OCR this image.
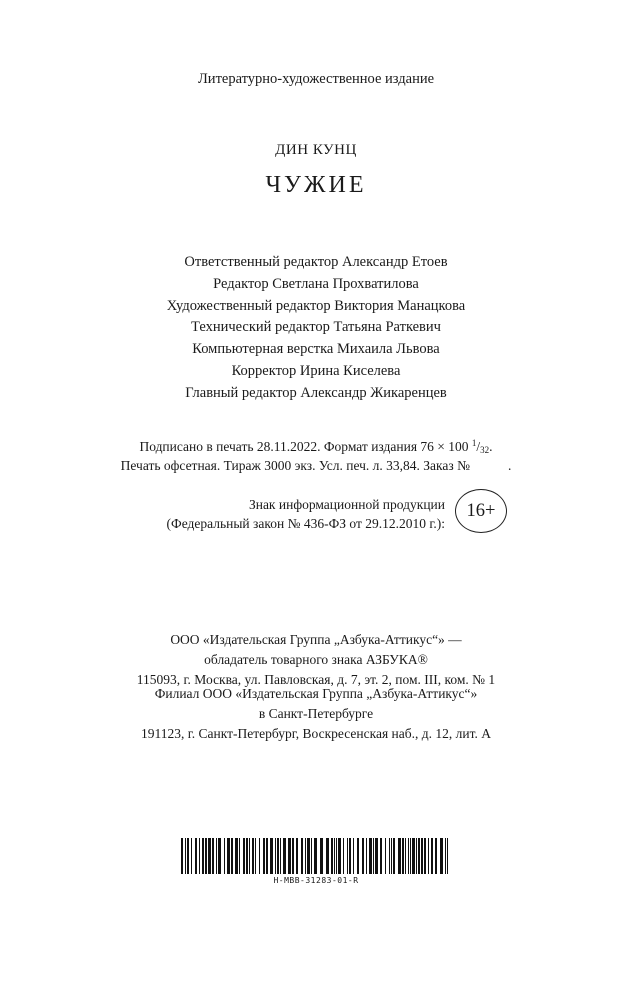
Литературно-художественное издание
ДИН КУНЦ
ЧУЖИЕ
Ответственный редактор Александр Етоев
Редактор Светлана Прохватилова
Художественный редактор Виктория Манацкова
Технический редактор Татьяна Раткевич
Компьютерная верстка Михаила Львова
Корректор Ирина Киселева
Главный редактор Александр Жикаренцев
Подписано в печать 28.11.2022. Формат издания 76 × 100 $^1/_{32}$.
Печать офсетная. Тираж 3000 экз. Усл. печ. л. 33,84. Заказ №	.
Знак информационной продукции
(Федеральный закон № 436-ФЗ от 29.12.2010 г.):
16+
ООО «Издательская Группа „Азбука-Аттикус“» —
обладатель товарного знака АЗБУКА®
115093, г. Москва, ул. Павловская, д. 7, эт. 2, пом. III, ком. № 1
Филиал ООО «Издательская Группа „Азбука-Аттикус“»
в Санкт-Петербурге
191123, г. Санкт-Петербург, Воскресенская наб., д. 12, лит. А
Н-МВВ-31283-01-R
